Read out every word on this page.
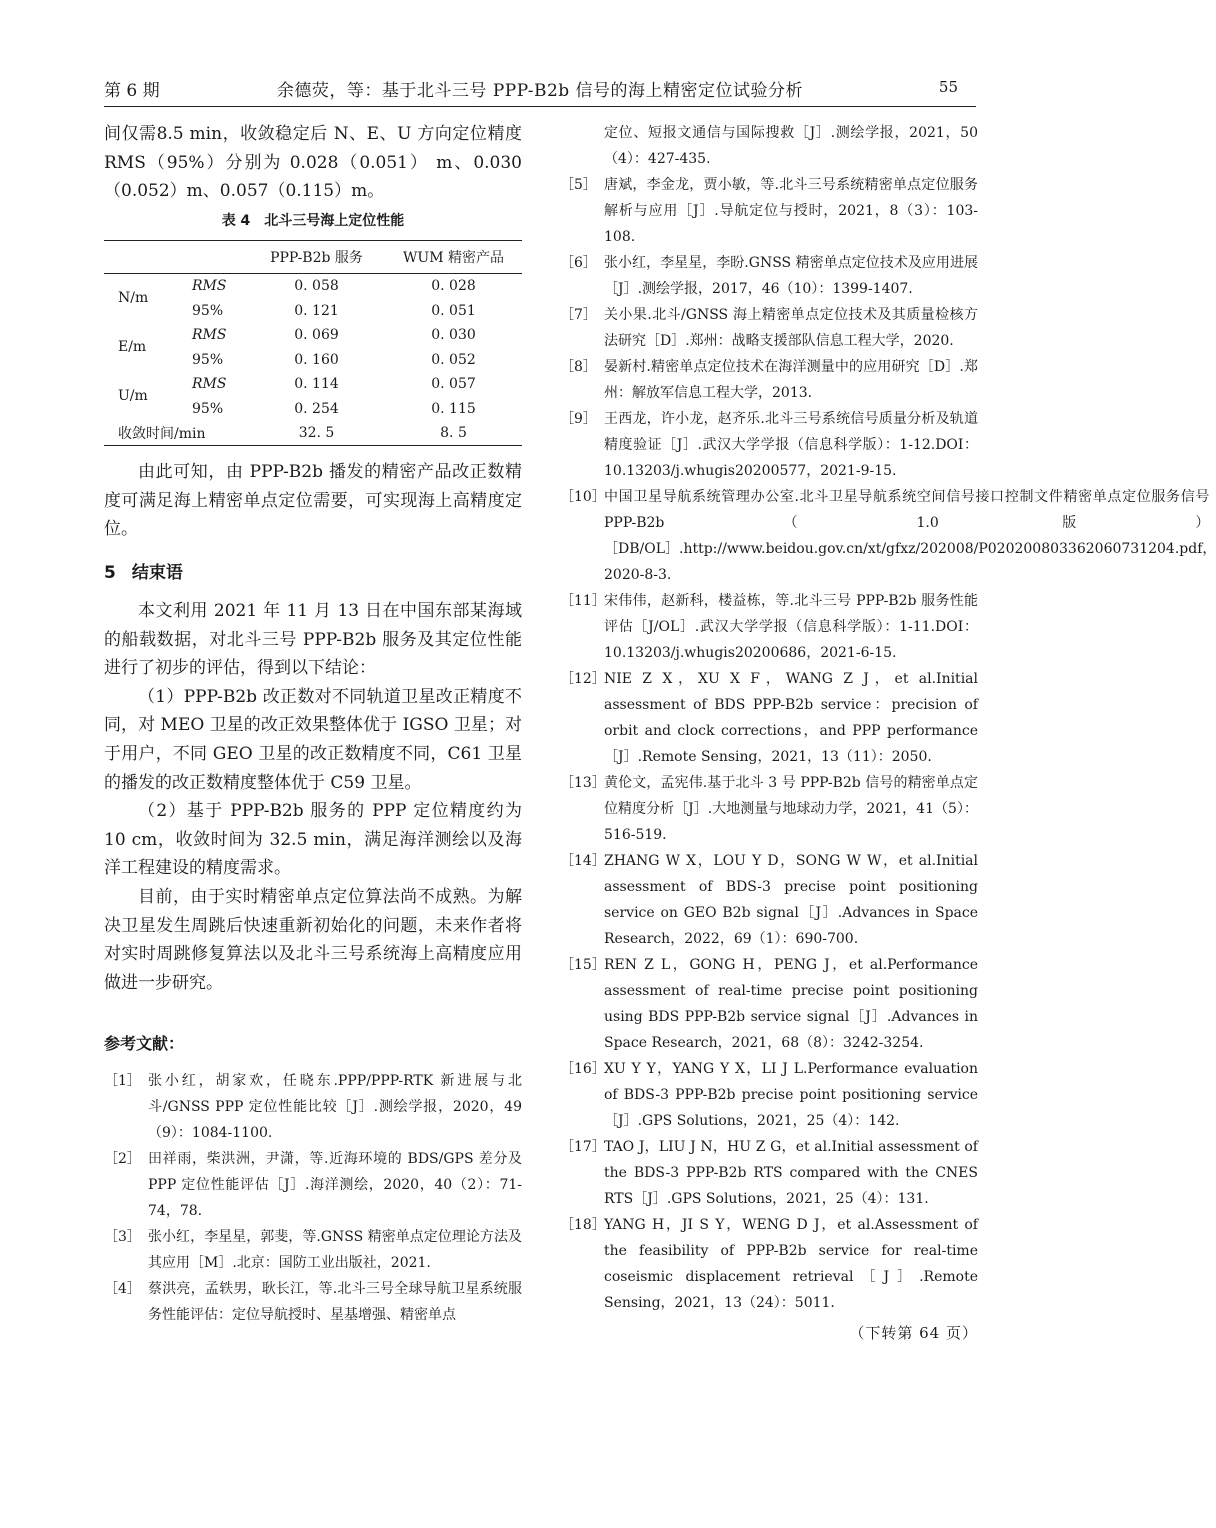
第 6 期	余德荧，等：基于北斗三号 PPP-B2b 信号的海上精密定位试验分析	55

间仅需8.5 min，收敛稳定后 N、E、U 方向定位精度 RMS（95%）分别为 0.028（0.051） m、0.030（0.052）m、0.057（0.115）m。

表 4　北斗三号海上定位性能
		PPP-B2b 服务	WUM 精密产品
N/m	RMS	0. 058	0. 028
	95%	0. 121	0. 051
E/m	RMS	0. 069	0. 030
	95%	0. 160	0. 052
U/m	RMS	0. 114	0. 057
	95%	0. 254	0. 115
收敛时间/min		32. 5	8. 5

由此可知，由 PPP-B2b 播发的精密产品改正数精度可满足海上精密单点定位需要，可实现海上高精度定位。

5 结束语

本文利用 2021 年 11 月 13 日在中国东部某海域的船载数据，对北斗三号 PPP-B2b 服务及其定位性能进行了初步的评估，得到以下结论：

（1）PPP-B2b 改正数对不同轨道卫星改正精度不同，对 MEO 卫星的改正效果整体优于 IGSO 卫星；对于用户，不同 GEO 卫星的改正数精度不同，C61 卫星的播发的改正数精度整体优于 C59 卫星。

（2）基于 PPP-B2b 服务的 PPP 定位精度约为 10 cm，收敛时间为 32.5 min，满足海洋测绘以及海洋工程建设的精度需求。

目前，由于实时精密单点定位算法尚不成熟。为解决卫星发生周跳后快速重新初始化的问题，未来作者将对实时周跳修复算法以及北斗三号系统海上高精度应用做进一步研究。

参考文献：
［1］ 张小红，胡家欢，任晓东.PPP/PPP-RTK 新进展与北斗/GNSS PPP 定位性能比较［J］.测绘学报，2020，49（9）：1084-1100.
［2］ 田祥雨，柴洪洲，尹潇，等.近海环境的 BDS/GPS 差分及 PPP 定位性能评估［J］.海洋测绘，2020，40（2）：71-74，78.
［3］ 张小红，李星星，郭斐，等.GNSS 精密单点定位理论方法及其应用［M］.北京：国防工业出版社，2021.
［4］ 蔡洪亮，孟轶男，耿长江，等.北斗三号全球导航卫星系统服务性能评估：定位导航授时、星基增强、精密单点

定位、短报文通信与国际搜救［J］.测绘学报，2021，50（4）：427-435.

［5］ 唐斌，李金龙，贾小敏，等.北斗三号系统精密单点定位服务解析与应用［J］.导航定位与授时，2021，8（3）：103-108.
［6］ 张小红，李星星，李盼.GNSS 精密单点定位技术及应用进展［J］.测绘学报，2017，46（10）：1399-1407.
［7］ 关小果.北斗/GNSS 海上精密单点定位技术及其质量检核方法研究［D］.郑州：战略支援部队信息工程大学，2020.
［8］ 晏新村.精密单点定位技术在海洋测量中的应用研究［D］.郑州：解放军信息工程大学，2013.
［9］ 王西龙，许小龙，赵齐乐.北斗三号系统信号质量分析及轨道精度验证［J］.武汉大学学报（信息科学版）：1-12.DOI：10.13203/j.whugis20200577，2021-9-15.
［10］
中国卫星导航系统管理办公室.北斗卫星导航系统空间信号接口控制文件精密单点定位服务信号 PPP-B2b（1.0 版）［DB/OL］.http://www.beidou.gov.cn/xt/gfxz/202008/P020200803362060731204.pdf，2020-8-3.
［11］
宋伟伟，赵新科，楼益栋，等.北斗三号 PPP-B2b 服务性能评估［J/OL］.武汉大学学报（信息科学版）：1-11.DOI：10.13203/j.whugis20200686，2021-6-15.
［12］
NIE Z X，XU X F，WANG Z J，et al.Initial assessment of BDS PPP-B2b service：precision of orbit and clock corrections，and PPP performance［J］.Remote Sensing，2021，13（11）：2050.
［13］
黄伦文，孟宪伟.基于北斗 3 号 PPP-B2b 信号的精密单点定位精度分析［J］.大地测量与地球动力学，2021，41（5）：516-519.
［14］
ZHANG W X，LOU Y D，SONG W W，et al.Initial assessment of BDS-3 precise point positioning service on GEO B2b signal［J］.Advances in Space Research，2022，69（1）：690-700.
［15］
REN Z L，GONG H，PENG J，et al.Performance assessment of real-time precise point positioning using BDS PPP-B2b service signal［J］.Advances in Space Research，2021，68（8）：3242-3254.
［16］
XU Y Y，YANG Y X，LI J L.Performance evaluation of BDS-3 PPP-B2b precise point positioning service［J］.GPS Solutions，2021，25（4）：142.
［17］
TAO J，LIU J N，HU Z G，et al.Initial assessment of the BDS-3 PPP-B2b RTS compared with the CNES RTS［J］.GPS Solutions，2021，25（4）：131.
［18］
YANG H，JI S Y，WENG D J，et al.Assessment of the feasibility of PPP-B2b service for real-time coseismic displacement retrieval［J］.Remote Sensing，2021，13（24）：5011.
（下转第 64 页）
